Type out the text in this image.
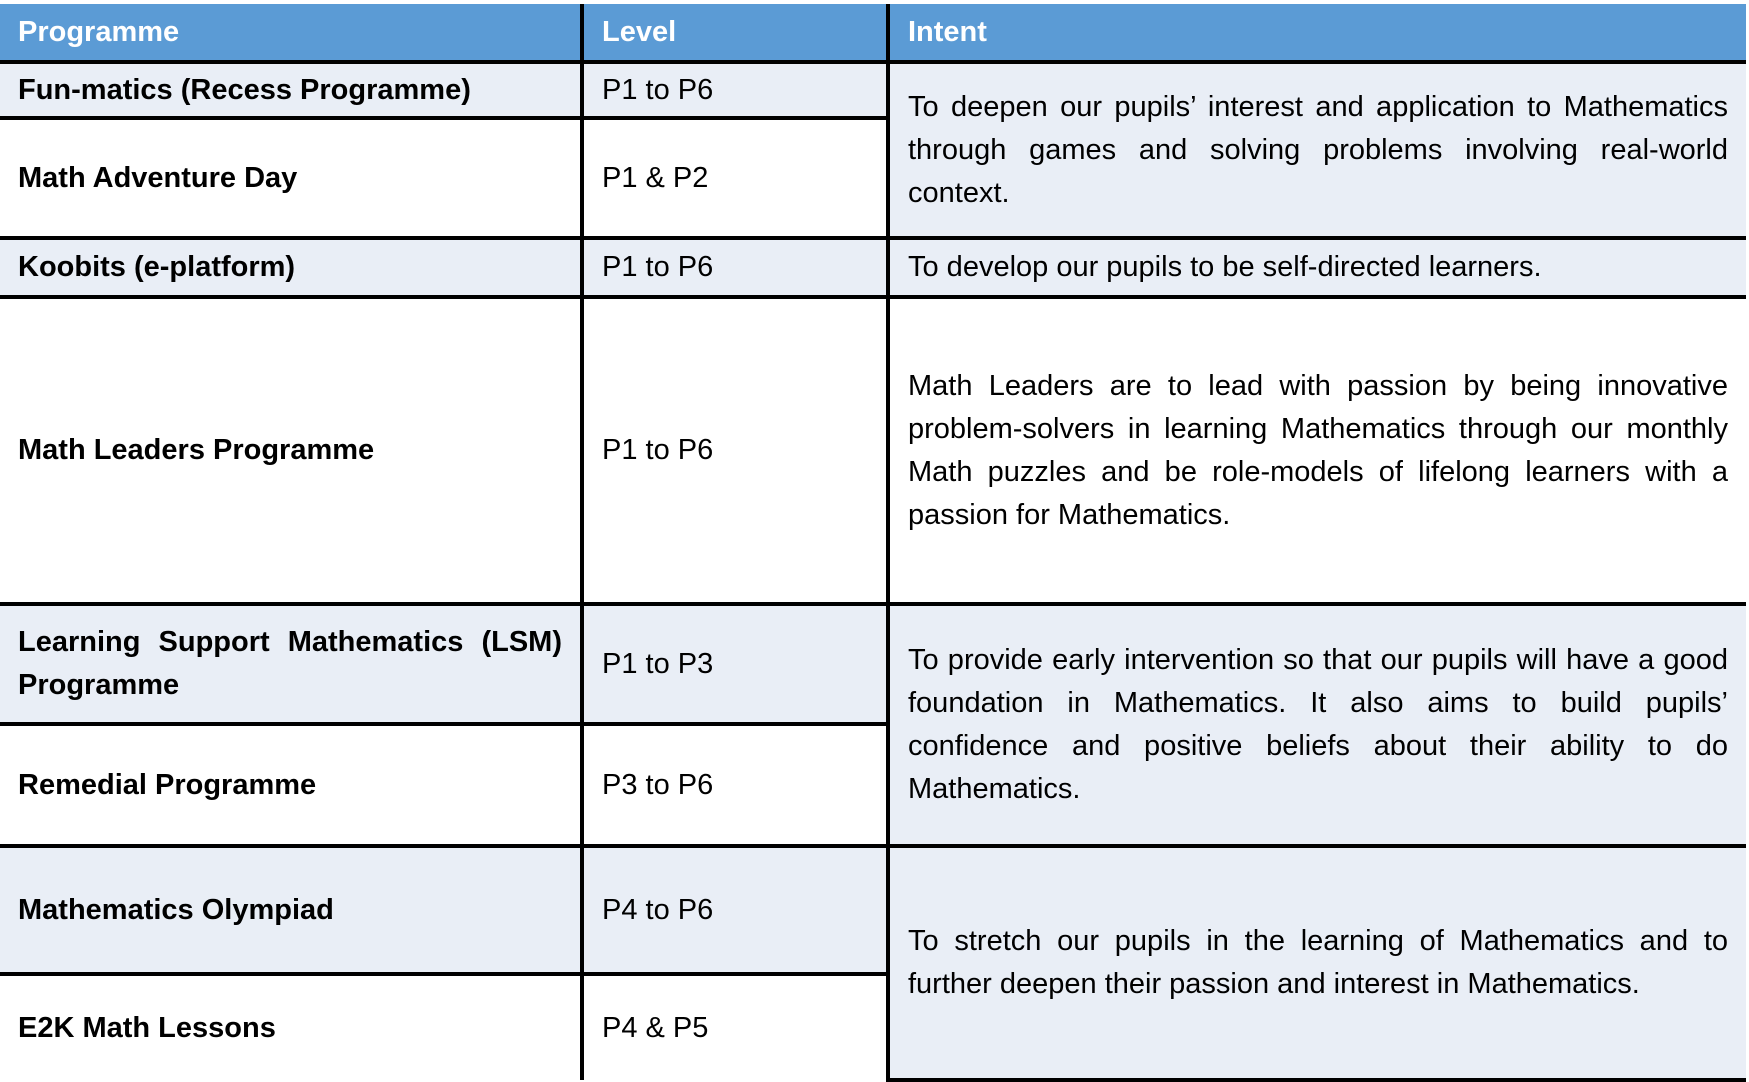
Programme	Level	Intent
Fun-matics (Recess Programme)	P1 to P6	To deepen our pupils’ interest and application to Mathematics through games and solving problems involving real-world context.
Math Adventure Day	P1 & P2	
Koobits (e-platform)	P1 to P6	To develop our pupils to be self-directed learners.
Math Leaders Programme	P1 to P6	Math Leaders are to lead with passion by being innovative problem-solvers in learning Mathematics through our monthly Math puzzles and be role-models of lifelong learners with a passion for Mathematics.
Learning Support Mathematics (LSM) Programme	P1 to P3	To provide early intervention so that our pupils will have a good foundation in Mathematics. It also aims to build pupils’ confidence and positive beliefs about their ability to do Mathematics.
Remedial Programme	P3 to P6	
Mathematics Olympiad	P4 to P6	To stretch our pupils in the learning of Mathematics and to further deepen their passion and interest in Mathematics.
E2K Math Lessons	P4 & P5	
